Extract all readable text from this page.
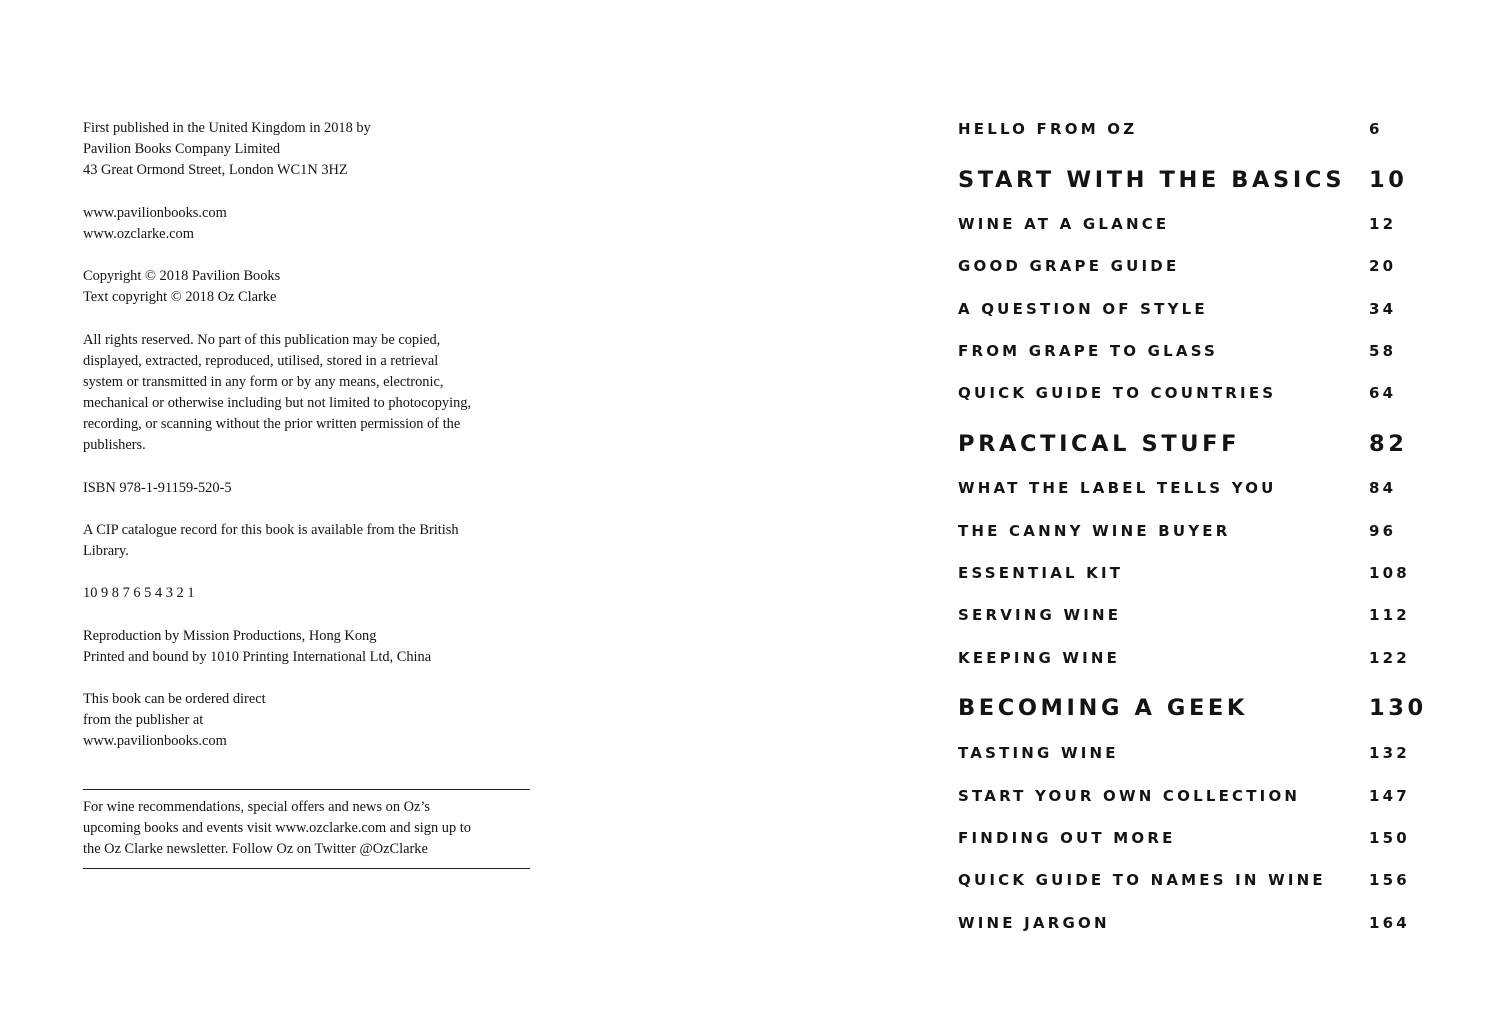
First published in the United Kingdom in 2018 by
Pavilion Books Company Limited
43 Great Ormond Street, London WC1N 3HZ
www.pavilionbooks.com
www.ozclarke.com
Copyright © 2018 Pavilion Books
Text copyright © 2018 Oz Clarke
All rights reserved. No part of this publication may be copied,
displayed, extracted, reproduced, utilised, stored in a retrieval
system or transmitted in any form or by any means, electronic,
mechanical or otherwise including but not limited to photocopying,
recording, or scanning without the prior written permission of the
publishers.
ISBN 978-1-91159-520-5
A CIP catalogue record for this book is available from the British
Library.
10 9 8 7 6 5 4 3 2 1
Reproduction by Mission Productions, Hong Kong
Printed and bound by 1010 Printing International Ltd, China
This book can be ordered direct
from the publisher at
www.pavilionbooks.com
For wine recommendations, special offers and news on Oz’s
upcoming books and events visit www.ozclarke.com and sign up to
the Oz Clarke newsletter. Follow Oz on Twitter @OzClarke
HELLO FROM OZ	6
START WITH THE BASICS 10
WINE AT A GLANCE	12
GOOD GRAPE GUIDE	20
A QUESTION OF STYLE	34
FROM GRAPE TO GLASS	58
QUICK GUIDE TO COUNTRIES	64
PRACTICAL STUFF	82
WHAT THE LABEL TELLS YOU	84
THE CANNY WINE BUYER	96
ESSENTIAL KIT	108
SERVING WINE	112
KEEPING WINE	122
BECOMING A GEEK	130
TASTING WINE	132
START YOUR OWN COLLECTION	147
FINDING OUT MORE	150
QUICK GUIDE TO NAMES IN WINE	156
WINE JARGON	164
